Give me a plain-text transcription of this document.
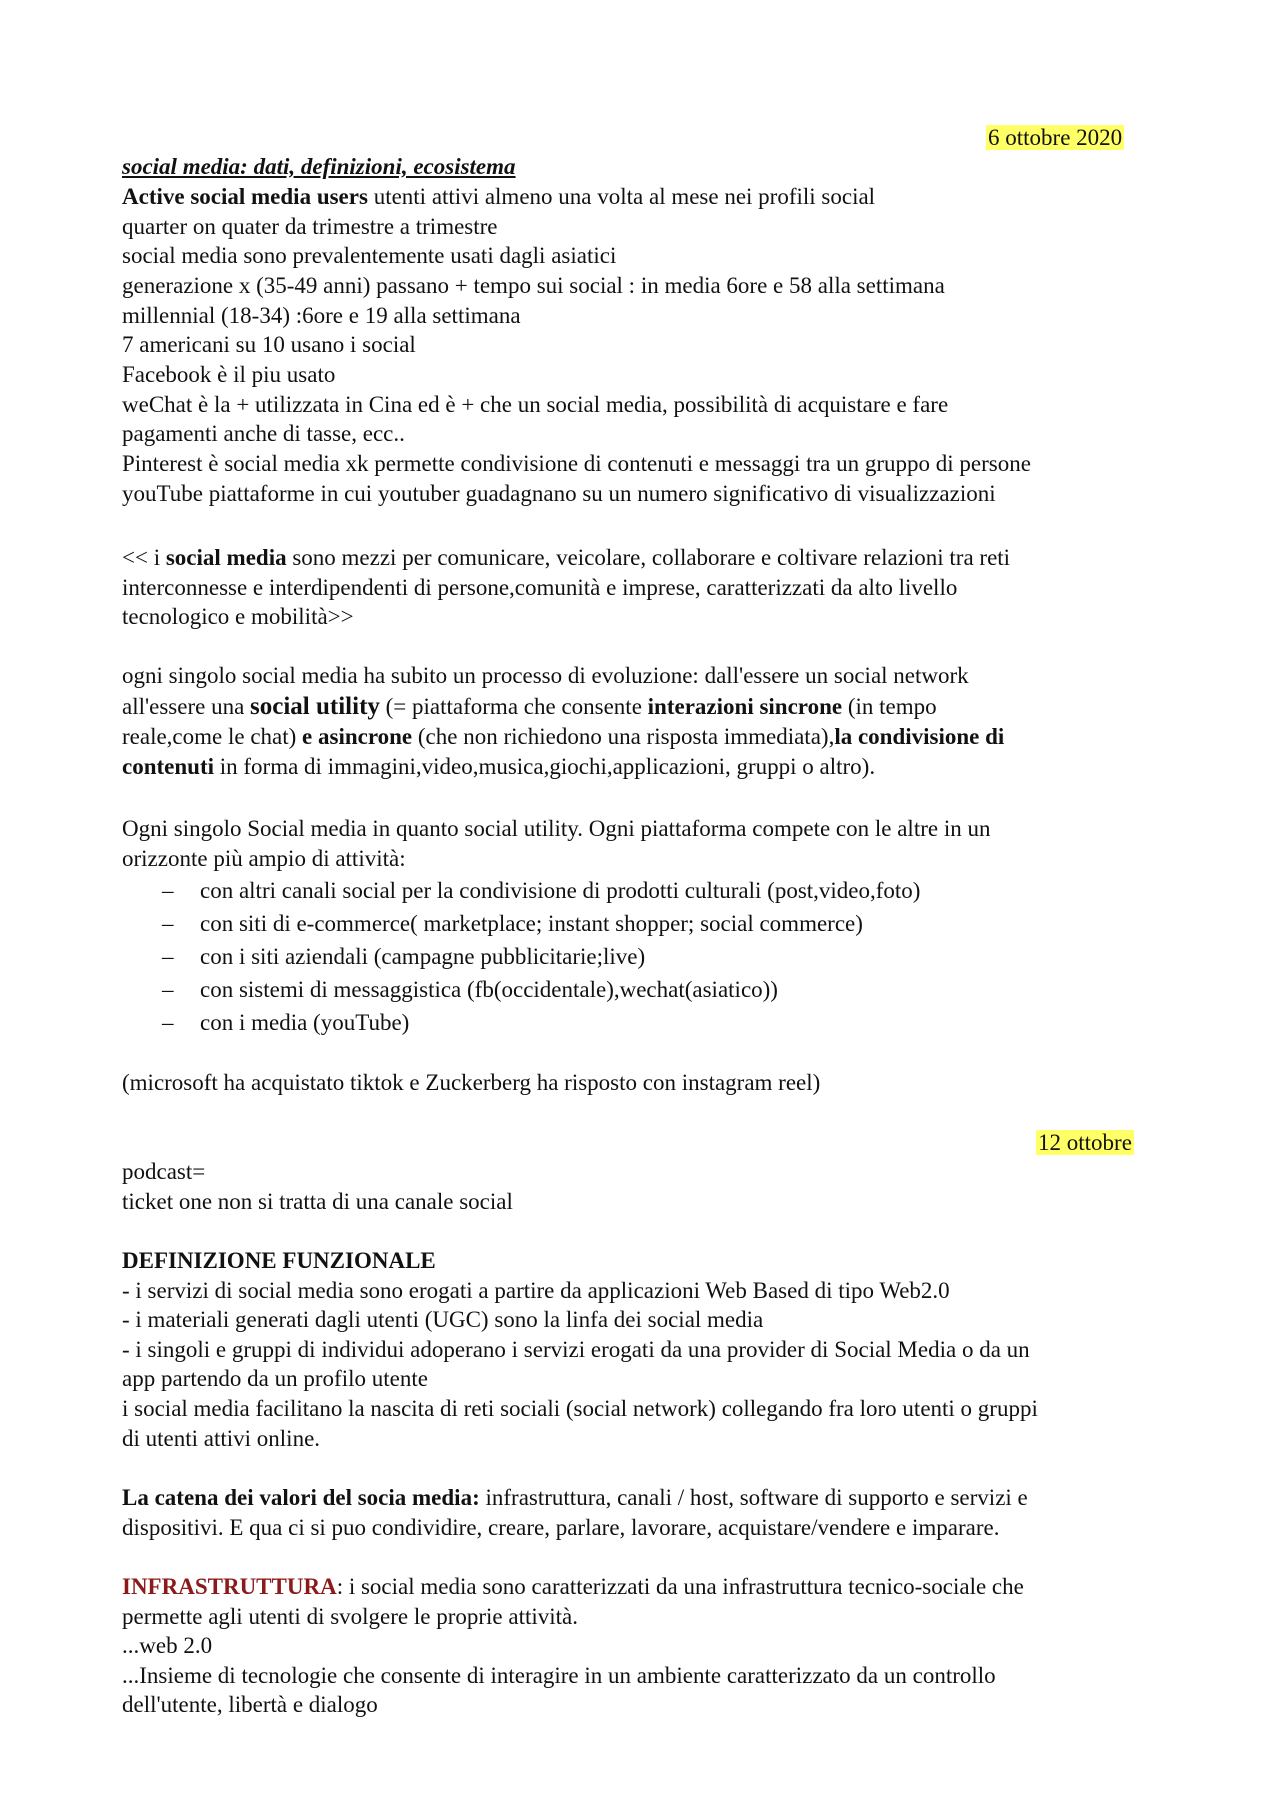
6 ottobre 2020
social media: dati, definizioni, ecosistema
Active social media users utenti attivi almeno una volta al mese nei profili social
quarter on quater da trimestre a trimestre
social media sono prevalentemente usati dagli asiatici
generazione x (35-49 anni) passano + tempo sui social : in media 6ore e 58 alla settimana
millennial (18-34) :6ore e 19 alla settimana
7 americani su 10 usano i social
Facebook è il piu usato
weChat è la + utilizzata in Cina ed è + che un social media, possibilità di acquistare e fare
pagamenti anche di tasse, ecc..
Pinterest è social media xk permette condivisione di contenuti e messaggi tra un gruppo di persone
youTube piattaforme in cui youtuber guadagnano su un numero significativo di visualizzazioni
<< i social media sono mezzi per comunicare, veicolare, collaborare e coltivare relazioni tra reti
interconnesse e interdipendenti di persone,comunità e imprese, caratterizzati da alto livello
tecnologico e mobilità>>
ogni singolo social media ha subito un processo di evoluzione: dall'essere un social network
all'essere una social utility (= piattaforma che consente interazioni sincrone (in tempo
reale,come le chat) e asincrone (che non richiedono una risposta immediata),la condivisione di
contenuti in forma di immagini,video,musica,giochi,applicazioni, gruppi o altro).
Ogni singolo Social media in quanto social utility. Ogni piattaforma compete con le altre in un
orizzonte più ampio di attività:
– con altri canali social per la condivisione di prodotti culturali (post,video,foto)
– con siti di e-commerce( marketplace; instant shopper; social commerce)
– con i siti aziendali (campagne pubblicitarie;live)
– con sistemi di messaggistica (fb(occidentale),wechat(asiatico))
– con i media (youTube)
(microsoft ha acquistato tiktok e Zuckerberg ha risposto con instagram reel)
12 ottobre
podcast=
ticket one non si tratta di una canale social
DEFINIZIONE FUNZIONALE
- i servizi di social media sono erogati a partire da applicazioni Web Based di tipo Web2.0
- i materiali generati dagli utenti (UGC) sono la linfa dei social media
- i singoli e gruppi di individui adoperano i servizi erogati da una provider di Social Media o da un
app partendo da un profilo utente
i social media facilitano la nascita di reti sociali (social network) collegando fra loro utenti o gruppi
di utenti attivi online.
La catena dei valori del socia media: infrastruttura, canali / host, software di supporto e servizi e
dispositivi. E qua ci si puo condividire, creare, parlare, lavorare, acquistare/vendere e imparare.
INFRASTRUTTURA: i social media sono caratterizzati da una infrastruttura tecnico-sociale che
permette agli utenti di svolgere le proprie attività.
...web 2.0
...Insieme di tecnologie che consente di interagire in un ambiente caratterizzato da un controllo
dell'utente, libertà e dialogo
